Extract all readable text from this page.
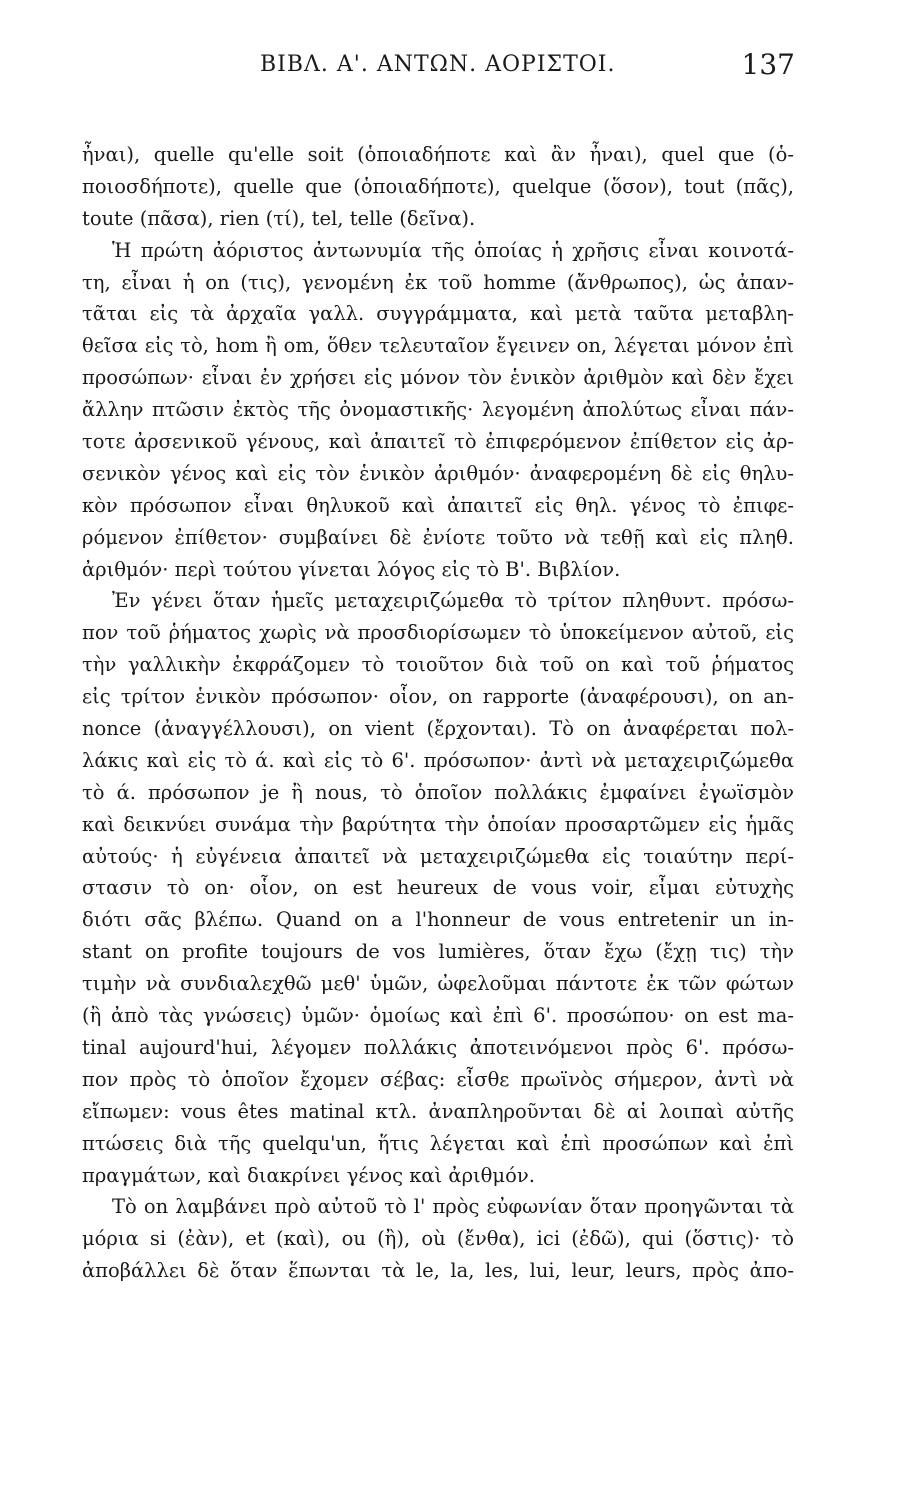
ΒΙΒΛ. Α'. ΑΝΤΩΝ. ΑΟΡΙΣΤΟΙ.	137
ἦναι), quelle qu'elle soit (ὁποιαδήποτε καὶ ἂν ἦναι), quel que (ὁ-
ποιοσδήποτε), quelle que (ὁποιαδήποτε), quelque (ὅσον), tout (πᾶς),
toute (πᾶσα), rien (τί), tel, telle (δεῖνα).
Ἡ πρώτη ἀόριστος ἀντωνυμία τῆς ὁποίας ἡ χρῆσις εἶναι κοινοτά-
τη, εἶναι ἡ on (τις), γενομένη ἐκ τοῦ homme (ἄνθρωπος), ὡς ἀπαν-
τᾶται εἰς τὰ ἀρχαῖα γαλλ. συγγράμματα, καὶ μετὰ ταῦτα μεταβλη-
θεῖσα εἰς τὸ, hom ἢ om, ὅθεν τελευταῖον ἔγεινεν on, λέγεται μόνον ἐπὶ
προσώπων· εἶναι ἐν χρήσει εἰς μόνον τὸν ἑνικὸν ἀριθμὸν καὶ δὲν ἔχει
ἄλλην πτῶσιν ἐκτὸς τῆς ὀνομαστικῆς· λεγομένη ἀπολύτως εἶναι πάν-
τοτε ἀρσενικοῦ γένους, καὶ ἀπαιτεῖ τὸ ἐπιφερόμενον ἐπίθετον εἰς ἀρ-
σενικὸν γένος καὶ εἰς τὸν ἑνικὸν ἀριθμόν· ἀναφερομένη δὲ εἰς θηλυ-
κὸν πρόσωπον εἶναι θηλυκοῦ καὶ ἀπαιτεῖ εἰς θηλ. γένος τὸ ἐπιφε-
ρόμενον ἐπίθετον· συμβαίνει δὲ ἐνίοτε τοῦτο νὰ τεθῇ καὶ εἰς πληθ.
ἀριθμόν· περὶ τούτου γίνεται λόγος εἰς τὸ Β'. Βιβλίον.
Ἐν γένει ὅταν ἡμεῖς μεταχειριζώμεθα τὸ τρίτον πληθυντ. πρόσω-
πον τοῦ ῥήματος χωρὶς νὰ προσδιορίσωμεν τὸ ὑποκείμενον αὐτοῦ, εἰς
τὴν γαλλικὴν ἐκφράζομεν τὸ τοιοῦτον διὰ τοῦ on καὶ τοῦ ῥήματος
εἰς τρίτον ἑνικὸν πρόσωπον· οἷον, on rapporte (ἀναφέρουσι), on an-
nonce (ἀναγγέλλουσι), on vient (ἔρχονται). Τὸ on ἀναφέρεται πολ-
λάκις καὶ εἰς τὸ ά. καὶ εἰς τὸ 6'. πρόσωπον· ἀντὶ νὰ μεταχειριζώμεθα
τὸ ά. πρόσωπον je ἢ nous, τὸ ὁποῖον πολλάκις ἐμφαίνει ἐγωϊσμὸν
καὶ δεικνύει συνάμα τὴν βαρύτητα τὴν ὁποίαν προσαρτῶμεν εἰς ἡμᾶς
αὐτούς· ἡ εὐγένεια ἀπαιτεῖ νὰ μεταχειριζώμεθα εἰς τοιαύτην περί-
στασιν τὸ on· οἷον, on est heureux de vous voir, εἶμαι εὐτυχὴς
διότι σᾶς βλέπω. Quand on a l'honneur de vous entretenir un in-
stant on profite toujours de vos lumières, ὅταν ἔχω (ἔχῃ τις) τὴν
τιμὴν νὰ συνδιαλεχθῶ μεθ' ὑμῶν, ὠφελοῦμαι πάντοτε ἐκ τῶν φώτων
(ἢ ἀπὸ τὰς γνώσεις) ὑμῶν· ὁμοίως καὶ ἐπὶ 6'. προσώπου· on est ma-
tinal aujourd'hui, λέγομεν πολλάκις ἀποτεινόμενοι πρὸς 6'. πρόσω-
πον πρὸς τὸ ὁποῖον ἔχομεν σέβας: εἶσθε πρωϊνὸς σήμερον, ἀντὶ νὰ
εἴπωμεν: vous êtes matinal κτλ. ἀναπληροῦνται δὲ αἱ λοιπαὶ αὐτῆς
πτώσεις διὰ τῆς quelqu'un, ἥτις λέγεται καὶ ἐπὶ προσώπων καὶ ἐπὶ
πραγμάτων, καὶ διακρίνει γένος καὶ ἀριθμόν.
Τὸ on λαμβάνει πρὸ αὐτοῦ τὸ l' πρὸς εὐφωνίαν ὅταν προηγῶνται τὰ
μόρια si (ἐὰν), et (καὶ), ou (ἢ), où (ἔνθα), ici (ἐδῶ), qui (ὅστις)· τὸ
ἀποβάλλει δὲ ὅταν ἕπωνται τὰ le, la, les, lui, leur, leurs, πρὸς ἀπο-
